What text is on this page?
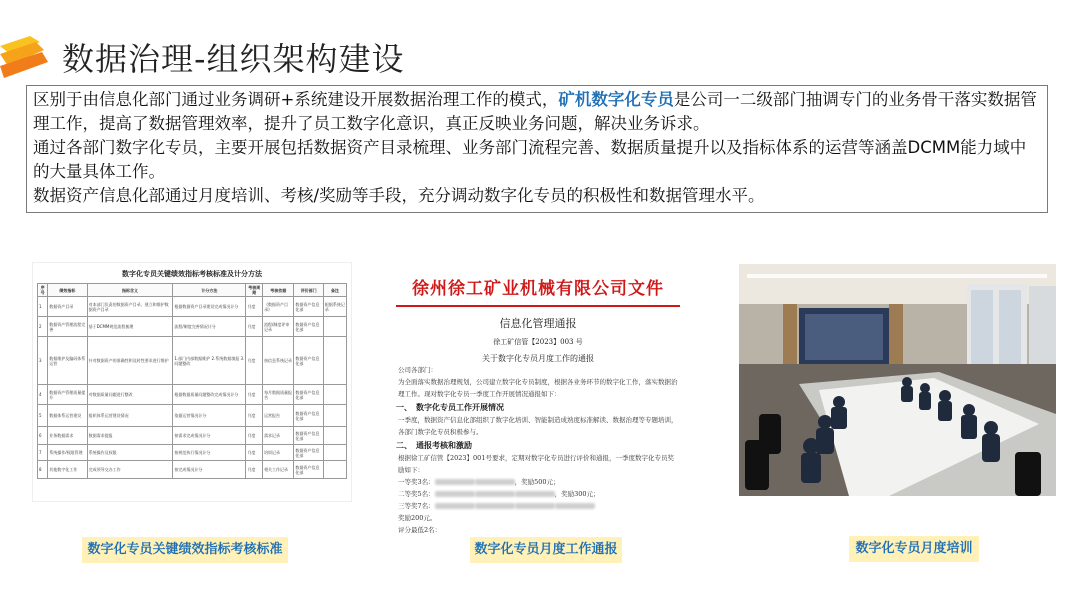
数据治理-组织架构建设

区别于由信息化部门通过业务调研+系统建设开展数据治理工作的模式，矿机数字化专员是公司一二级部门抽调专门的业务骨干落实数据管理工作，提高了数据管理效率，提升了员工数字化意识，真正反映业务问题，解决业务诉求。

通过各部门数字化专员，主要开展包括数据资产目录梳理、业务部门流程完善、数据质量提升以及指标体系的运营等涵盖DCMM能力域中的大量具体工作。

数据资产信息化部通过月度培训、考核/奖励等手段，充分调动数字化专员的积极性和数据管理水平。

数字化专员关键绩效指标考核标准及计分方法
序号	绩效指标	指标含义	计分方法	考核周期	考核依据	评价部门	备注
1	数据资产目录	对本部门负责的数据资产目录、建立和维护数据资产目录	根据数据资产目录建设完成情况计分	月度	《数据资产目录》	数据资产信息化部	根据系统记录
2	数据资产管理流程完善	基于DCMM规范流程梳理	流程/制度完善情况计分	月度	流程/制度评审记录	数据资产信息化部	
3	数据维护及编码体系运营	针对数据资产的准确性和及时性要求进行维护	1.部门内部数据维护 2.系统数据填报 3.问题整改	月度	按信息系统记录	数据资产信息化部	
4	数据资产管理质量提升	对数据质量问题进行整改	根据数据质量问题整改完成情况计分	月度	每月数据质量报告	数据资产信息化部	
5	数据体系运营建设	组织体系运营建设情况	依据运营情况计分	月度	运营报告	数据资产信息化部	
6	业务数据需求	数据需求提报	按需求完成情况计分	月度	需求记录	数据资产信息化部	
7	系统操作/权限管理	系统操作及权限	按规范执行情况计分	月度	培训记录	数据资产信息化部	
8	其他数字化工作	完成领导交办工作	按完成情况计分	月度	相关工作记录	数据资产信息化部	
徐州徐工矿业机械有限公司文件
信息化管理通报
徐工矿信管【2023】003 号
关于数字化专员月度工作的通报
公司各部门：
为全面落实数据治理规划，公司建立数字化专员制度，根据各业务环节的数字化工作，落实数据治理工作。现对数字化专员一季度工作开展情况通报如下：
一、　数字化专员工作开展情况
一季度，数据资产信息化部组织了数字化培训、智能制造成熟度标准解读、数据治理等专题培训，各部门数字化专员积极参与。
二、　通报考核和激励
根据徐工矿信管【2023】001号要求，定期对数字化专员进行评价和通报，一季度数字化专员奖励如下：
一等奖3名：	，奖励500元；
二等奖5名：	，奖励300元；
三等奖7名：
奖励200元。
评分最低2名：
数字化专员关键绩效指标考核标准	数字化专员月度工作通报	数字化专员月度培训
